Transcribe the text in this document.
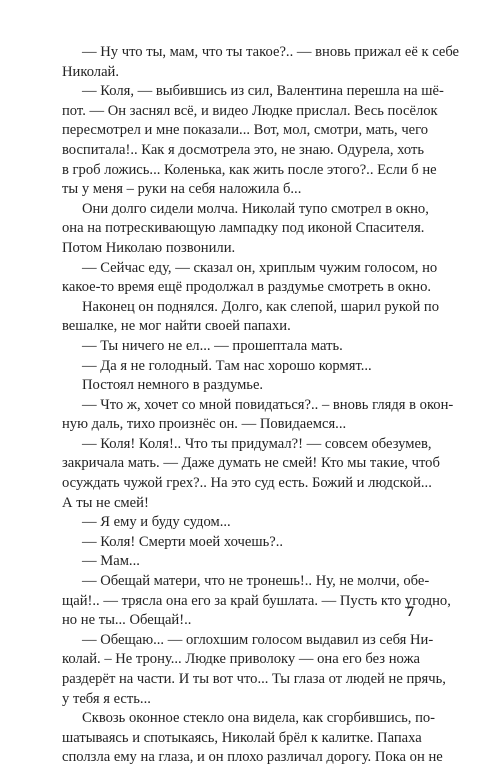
— Ну что ты, мам, что ты такое?.. — вновь прижал её к себе
Николай.
— Коля, — выбившись из сил, Валентина перешла на шё-
пот. — Он заснял всё, и видео Людке прислал. Весь посёлок
пересмотрел и мне показали... Вот, мол, смотри, мать, чего
воспитала!.. Как я досмотрела это, не знаю. Одурела, хоть
в гроб ложись... Коленька, как жить после этого?.. Если б не
ты у меня – руки на себя наложила б...
Они долго сидели молча. Николай тупо смотрел в окно,
она на потрескивающую лампадку под иконой Спасителя.
Потом Николаю позвонили.
— Сейчас еду, — сказал он, хриплым чужим голосом, но
какое-то время ещё продолжал в раздумье смотреть в окно.
Наконец он поднялся. Долго, как слепой, шарил рукой по
вешалке, не мог найти своей папахи.
— Ты ничего не ел... — прошептала мать.
— Да я не голодный. Там нас хорошо кормят...
Постоял немного в раздумье.
— Что ж, хочет со мной повидаться?.. – вновь глядя в окон-
ную даль, тихо произнёс он. — Повидаемся...
— Коля! Коля!.. Что ты придумал?! — совсем обезумев,
закричала мать. — Даже думать не смей! Кто мы такие, чтоб
осуждать чужой грех?.. На это суд есть. Божий и людской...
А ты не смей!
— Я ему и буду судом...
— Коля! Смерти моей хочешь?..
— Мам...
— Обещай матери, что не тронешь!.. Ну, не молчи, обе-
щай!.. — трясла она его за край бушлата. — Пусть кто угодно,
но не ты... Обещай!..
— Обещаю... — оглохшим голосом выдавил из себя Ни-
колай. – Не трону... Людке приволоку — она его без ножа
раздерёт на части. И ты вот что... Ты глаза от людей не прячь,
у тебя я есть...
Сквозь оконное стекло она видела, как сгорбившись, по-
шатываясь и спотыкаясь, Николай брёл к калитке. Папаха
сползла ему на глаза, и он плохо различал дорогу. Пока он не
7
